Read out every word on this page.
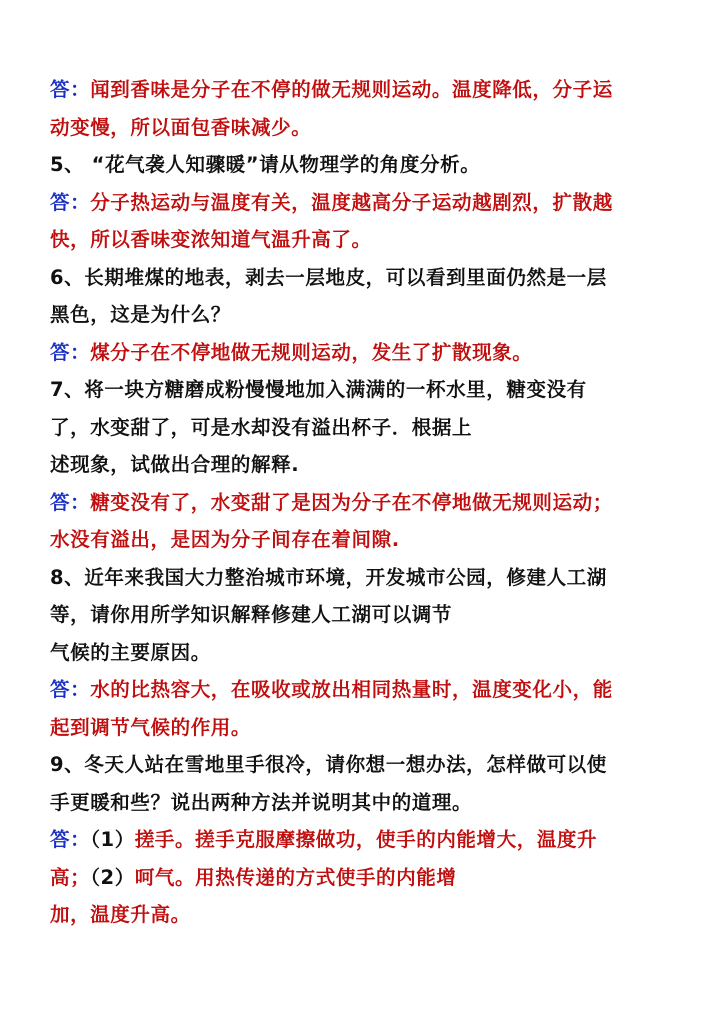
答：闻到香味是分子在不停的做无规则运动。温度降低，分子运
动变慢，所以面包香味减少。
5、 “花气袭人知骤暖”请从物理学的角度分析。
答：分子热运动与温度有关，温度越高分子运动越剧烈，扩散越
快，所以香味变浓知道气温升高了。
6、长期堆煤的地表，剥去一层地皮，可以看到里面仍然是一层
黑色，这是为什么？
答：煤分子在不停地做无规则运动，发生了扩散现象。
7、将一块方糖磨成粉慢慢地加入满满的一杯水里，糖变没有
了，水变甜了，可是水却没有溢出杯子．根据上
述现象，试做出合理的解释.
答：糖变没有了，水变甜了是因为分子在不停地做无规则运动；
水没有溢出，是因为分子间存在着间隙.
8、近年来我国大力整治城市环境，开发城市公园，修建人工湖
等，请你用所学知识解释修建人工湖可以调节
气候的主要原因。
答：水的比热容大，在吸收或放出相同热量时，温度变化小，能
起到调节气候的作用。
9、冬天人站在雪地里手很冷，请你想一想办法，怎样做可以使
手更暖和些？说出两种方法并说明其中的道理。
答：（1）搓手。搓手克服摩擦做功，使手的内能增大，温度升
高；（2）呵气。用热传递的方式使手的内能增
加，温度升高。
